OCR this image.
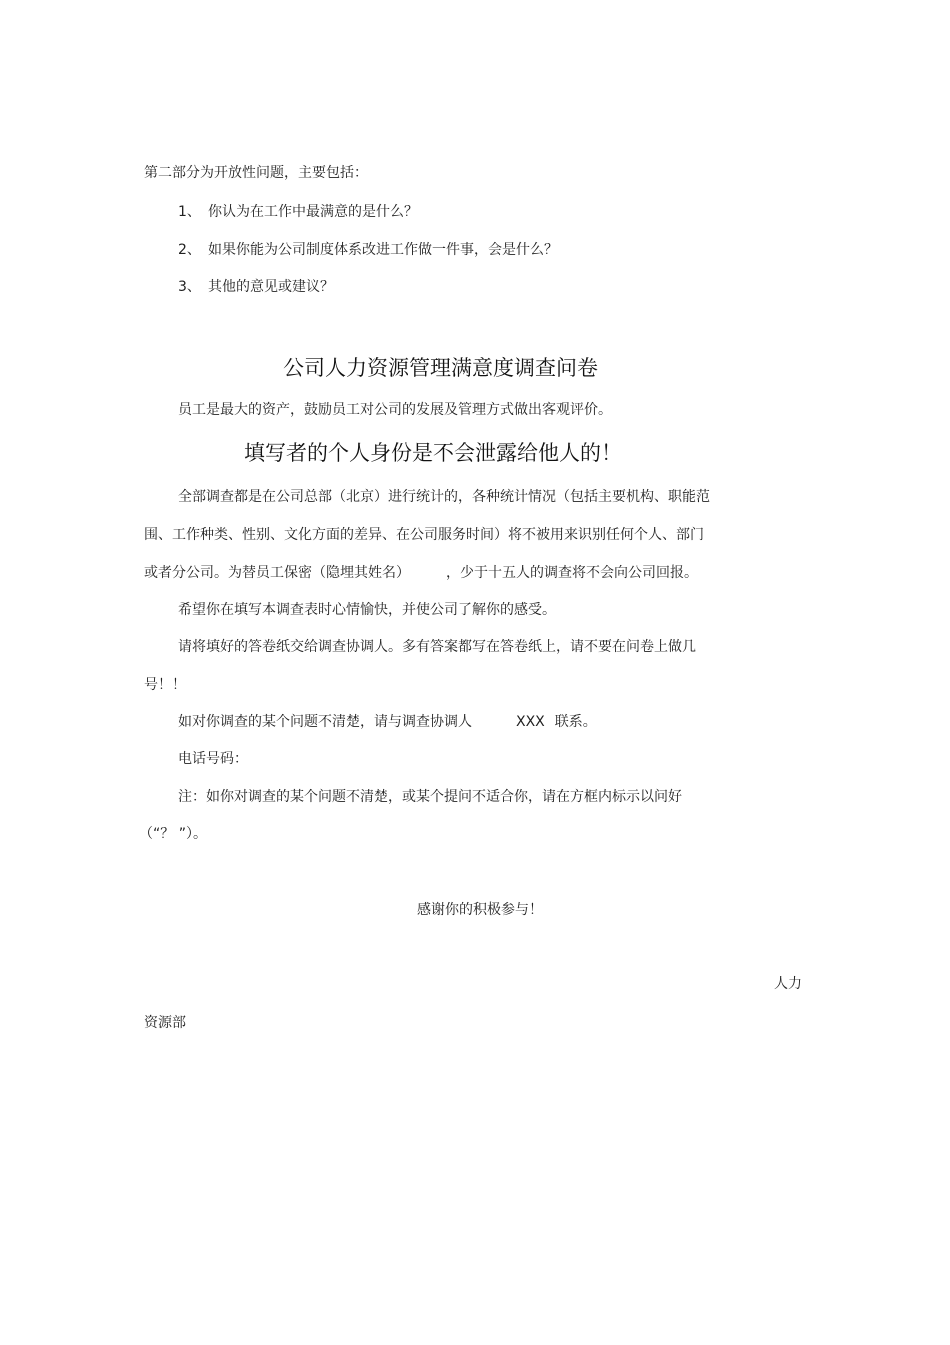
第二部分为开放性问题，主要包括：
1、 你认为在工作中最满意的是什么？
2、 如果你能为公司制度体系改进工作做一件事，会是什么？
3、 其他的意见或建议？
公司人力资源管理满意度调查问卷
员工是最大的资产，鼓励员工对公司的发展及管理方式做出客观评价。
填写者的个人身份是不会泄露给他人的！
全部调查都是在公司总部（北京）进行统计的，各种统计情况（包括主要机构、职能范
围、工作种类、性别、文化方面的差异、在公司服务时间）将不被用来识别任何个人、部门
或者分公司。为替员工保密（隐埋其姓名）	，少于十五人的调查将不会向公司回报。
希望你在填写本调查表时心情愉快，并使公司了解你的感受。
请将填好的答卷纸交给调查协调人。多有答案都写在答卷纸上，请不要在问卷上做几
号！！
如对你调查的某个问题不清楚，请与调查协调人	XXX 联系。
电话号码：
注：如你对调查的某个问题不清楚，或某个提问不适合你，请在方框内标示以问好
（“？ ”）。
感谢你的积极参与！
人力
资源部
